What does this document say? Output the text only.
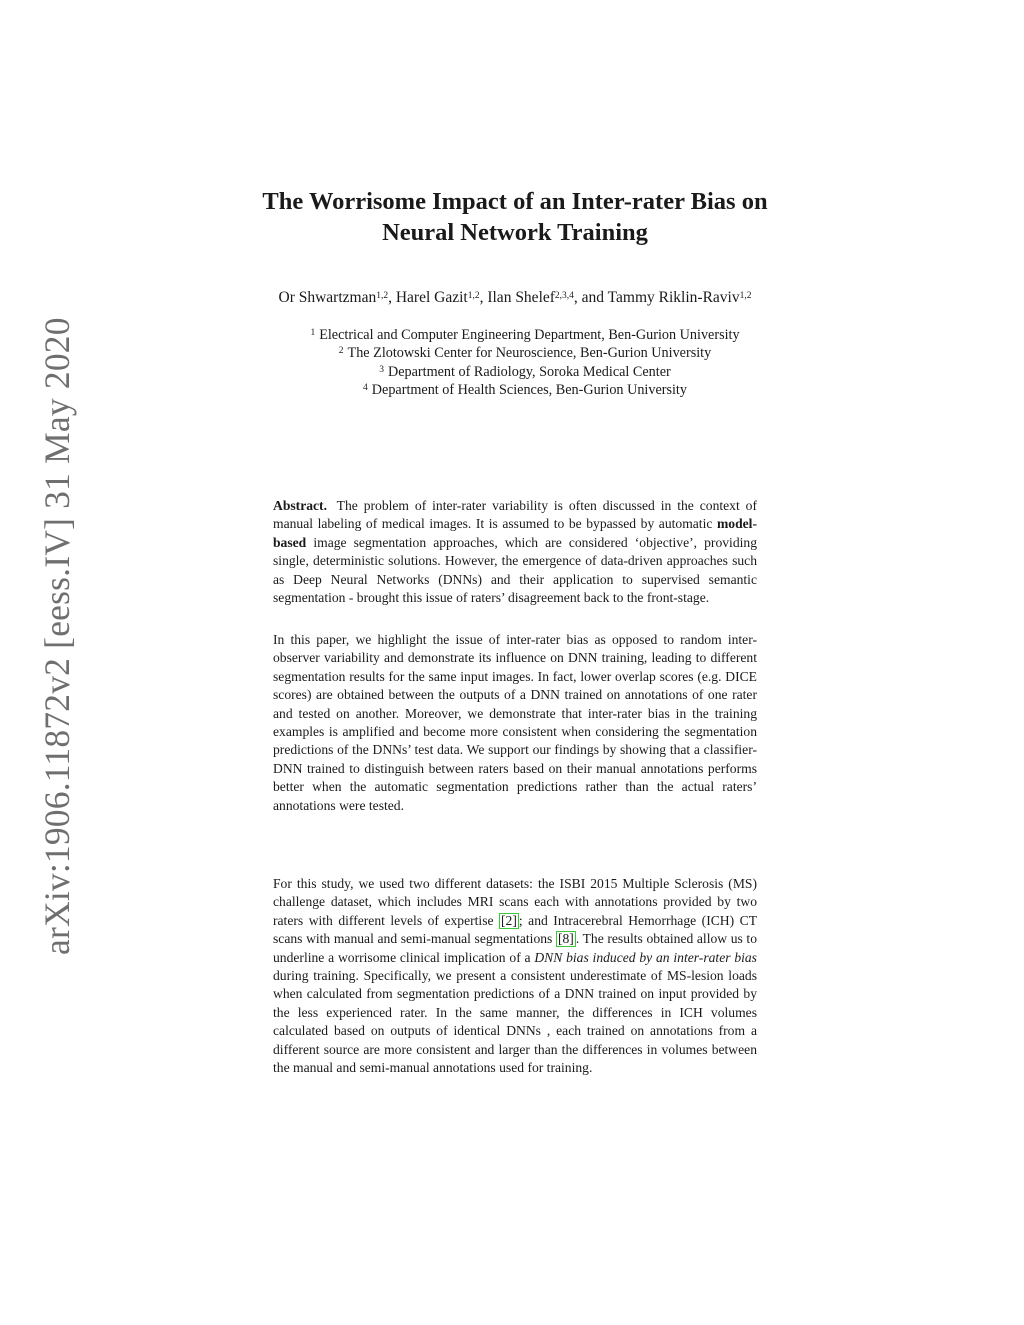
arXiv:1906.11872v2 [eess.IV] 31 May 2020
The Worrisome Impact of an Inter-rater Bias on
Neural Network Training
Or Shwartzman$^{1,2}$, Harel Gazit$^{1,2}$, Ilan Shelef$^{2,3,4}$, and Tammy Riklin-Raviv$^{1,2}$
$^1$ Electrical and Computer Engineering Department, Ben-Gurion University
$^2$ The Zlotowski Center for Neuroscience, Ben-Gurion University
$^3$ Department of Radiology, Soroka Medical Center
$^4$ Department of Health Sciences, Ben-Gurion University

Abstract. The problem of inter-rater variability is often discussed in the context of manual labeling of medical images. It is assumed to be bypassed by automatic model-based image segmentation approaches, which are considered ‘objective’, providing single, deterministic solutions. However, the emergence of data-driven approaches such as Deep Neural Networks (DNNs) and their application to supervised semantic segmentation - brought this issue of raters’ disagreement back to the front-stage.

In this paper, we highlight the issue of inter-rater bias as opposed to random inter-observer variability and demonstrate its influence on DNN training, leading to different segmentation results for the same input images. In fact, lower overlap scores (e.g. DICE scores) are obtained between the outputs of a DNN trained on annotations of one rater and tested on another. Moreover, we demonstrate that inter-rater bias in the training examples is amplified and become more consistent when considering the segmentation predictions of the DNNs’ test data. We support our findings by showing that a classifier-DNN trained to distinguish between raters based on their manual annotations performs better when the automatic segmentation predictions rather than the actual raters’ annotations were tested.

For this study, we used two different datasets: the ISBI 2015 Multiple Sclerosis (MS) challenge dataset, which includes MRI scans each with annotations provided by two raters with different levels of expertise [2] ; and Intracerebral Hemorrhage (ICH) CT scans with manual and semi-manual segmentations [8] . The results obtained allow us to underline a worrisome clinical implication of a DNN bias induced by an inter-rater bias during training. Specifically, we present a consistent underestimate of MS-lesion loads when calculated from segmentation predictions of a DNN trained on input provided by the less experienced rater. In the same manner, the differences in ICH volumes calculated based on outputs of identical DNNs , each trained on annotations from a different source are more consistent and larger than the differences in volumes between the manual and semi-manual annotations used for training.
